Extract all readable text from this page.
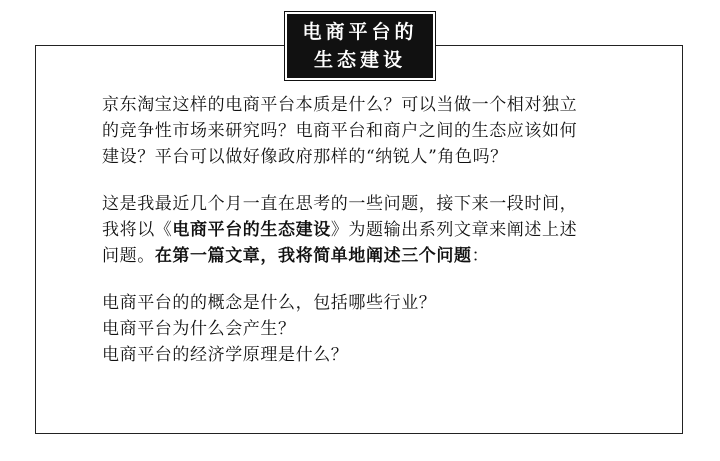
电商平台的
生态建设
京东淘宝这样的电商平台本质是什么？可以当做一个相对独立
的竞争性市场来研究吗？电商平台和商户之间的生态应该如何
建设？平台可以做好像政府那样的“纳锐人”角色吗？
这是我最近几个月一直在思考的一些问题，接下来一段时间，
我将以《电商平台的生态建设》为题输出系列文章来阐述上述
问题。在第一篇文章，我将简单地阐述三个问题：
电商平台的的概念是什么，包括哪些行业？
电商平台为什么会产生？
电商平台的经济学原理是什么？
